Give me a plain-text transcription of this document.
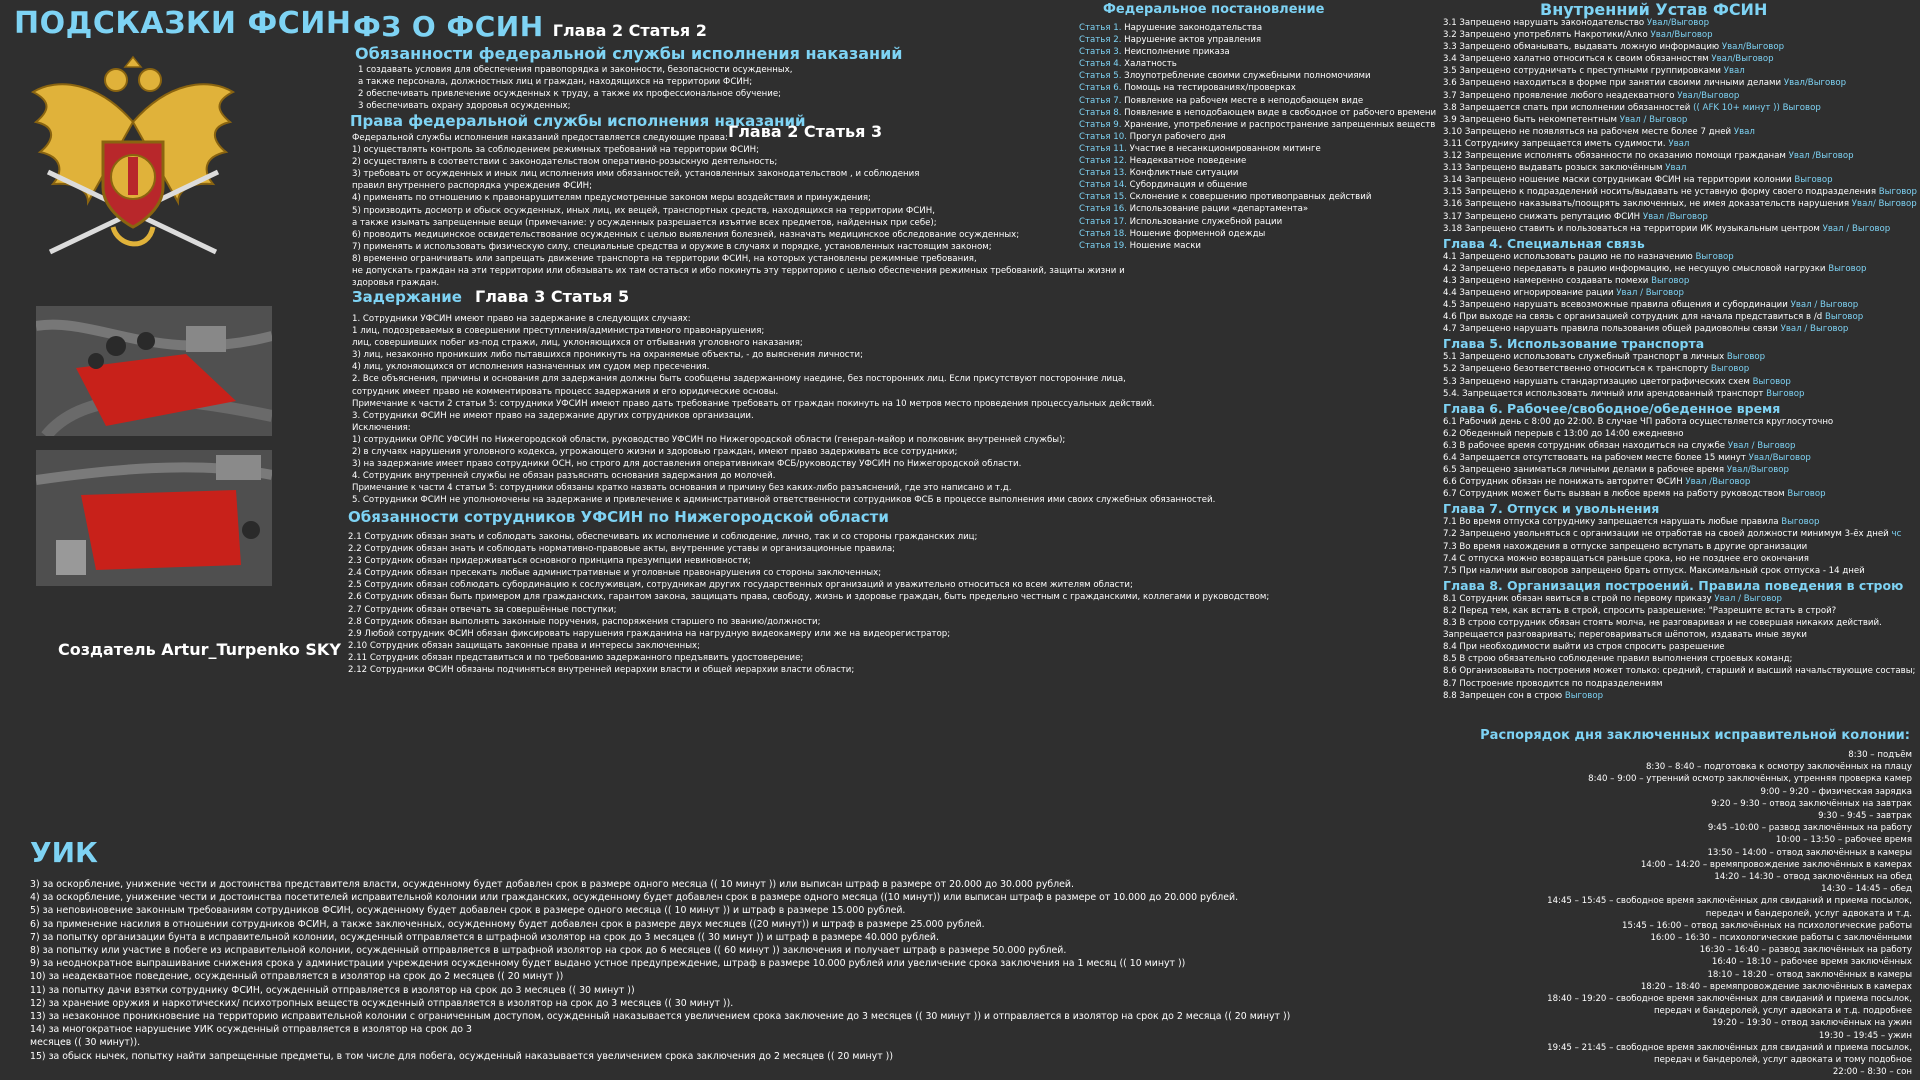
ПОДСКАЗКИ ФСИН
Создатель Artur_Turpenko SKY
ФЗ О ФСИН Глава 2 Статья 2
Обязанности федеральной службы исполнения наказаний
1 создавать условия для обеспечения правопорядка и законности, безопасности осужденных,
а также персонала, должностных лиц и граждан, находящихся на территории ФСИН;
2 обеспечивать привлечение осужденных к труду, а также их профессиональное обучение;
3 обеспечивать охрану здоровья осужденных;
Права федеральной службы исполнения наказаний
Глава 2 Статья 3
Федеральной службы исполнения наказаний предоставляется следующие права:
1) осуществлять контроль за соблюдением режимных требований на территории ФСИН;
2) осуществлять в соответствии с законодательством оперативно-розыскную деятельность;
3) требовать от осужденных и иных лиц исполнения ими обязанностей, установленных законодательством , и соблюдения
правил внутреннего распорядка учреждения ФСИН;
4) применять по отношению к правонарушителям предусмотренные законом меры воздействия и принуждения;
5) производить досмотр и обыск осужденных, иных лиц, их вещей, транспортных средств, находящихся на территории ФСИН,
а также изымать запрещенные вещи (примечание: у осужденных разрешается изъятие всех предметов, найденных при себе);
6) проводить медицинское освидетельствование осужденных с целью выявления болезней, назначать медицинское обследование осужденных;
7) применять и использовать физическую силу, специальные средства и оружие в случаях и порядке, установленных настоящим законом;
8) временно ограничивать или запрещать движение транспорта на территории ФСИН, на которых установлены режимные требования,
не допускать граждан на эти территории или обязывать их там остаться и ибо покинуть эту территорию с целью обеспечения режимных требований, защиты жизни и
здоровья граждан.
Задержание Глава 3 Статья 5
1. Сотрудники УФСИН имеют право на задержание в следующих случаях:
1 лиц, подозреваемых в совершении преступления/административного правонарушения;
лиц, совершивших побег из-под стражи, лиц, уклоняющихся от отбывания уголовного наказания;
3) лиц, незаконно проникших либо пытавшихся проникнуть на охраняемые объекты, - до выяснения личности;
4) лиц, уклоняющихся от исполнения назначенных им судом мер пресечения.
2. Все объяснения, причины и основания для задержания должны быть сообщены задержанному наедине, без посторонних лиц. Если присутствуют посторонние лица,
сотрудник имеет право не комментировать процесс задержания и его юридические основы.
Примечание к части 2 статьи 5: сотрудники УФСИН имеют право дать требование требовать от граждан покинуть на 10 метров место проведения процессуальных действий.
3. Сотрудники ФСИН не имеют право на задержание других сотрудников организации.
Исключения:
1) сотрудники ОРЛС УФСИН по Нижегородской области, руководство УФСИН по Нижегородской области (генерал-майор и полковник внутренней службы);
2) в случаях нарушения уголовного кодекса, угрожающего жизни и здоровью граждан, имеют право задерживать все сотрудники;
3) на задержание имеет право сотрудники ОСН, но строго для доставления оперативникам ФСБ/руководству УФСИН по Нижегородской области.
4. Сотрудник внутренней службы не обязан разъяснять основания задержания до молочей.
Примечание к части 4 статьи 5: сотрудники обязаны кратко назвать основания и причину без каких-либо разъяснений, где это написано и т.д.
5. Сотрудники ФСИН не уполномочены на задержание и привлечение к административной ответственности сотрудников ФСБ в процессе выполнения ими своих служебных обязанностей.
Обязанности сотрудников УФСИН по Нижегородской области
2.1 Сотрудник обязан знать и соблюдать законы, обеспечивать их исполнение и соблюдение, лично, так и со стороны гражданских лиц;
2.2 Сотрудник обязан знать и соблюдать нормативно-правовые акты, внутренние уставы и организационные правила;
2.3 Сотрудник обязан придерживаться основного принципа презумпции невиновности;
2.4 Сотрудник обязан пресекать любые административные и уголовные правонарушения со стороны заключенных;
2.5 Сотрудник обязан соблюдать субординацию к сослуживцам, сотрудникам других государственных организаций и уважительно относиться ко всем жителям области;
2.6 Сотрудник обязан быть примером для гражданских, гарантом закона, защищать права, свободу, жизнь и здоровье граждан, быть предельно честным с гражданскими, коллегами и руководством;
2.7 Сотрудник обязан отвечать за совершённые поступки;
2.8 Сотрудник обязан выполнять законные поручения, распоряжения старшего по званию/должности;
2.9 Любой сотрудник ФСИН обязан фиксировать нарушения гражданина на нагрудную видеокамеру или же на видеорегистратор;
2.10 Сотрудник обязан защищать законные права и интересы заключенных;
2.11 Сотрудник обязан представиться и по требованию задержанного предъявить удостоверение;
2.12 Сотрудники ФСИН обязаны подчиняться внутренней иерархии власти и общей иерархии власти области;
Федеральное постановление
Статья 1. Нарушение законодательства
Статья 2. Нарушение актов управления
Статья 3. Неисполнение приказа
Статья 4. Халатность
Статья 5. Злоупотребление своими служебными полномочиями
Статья 6. Помощь на тестированиях/проверках
Статья 7. Появление на рабочем месте в неподобающем виде
Статья 8. Появление в неподобающем виде в свободное от рабочего времени
Статья 9. Хранение, употребление и распространение запрещенных веществ
Статья 10. Прогул рабочего дня
Статья 11. Участие в несанкционированном митинге
Статья 12. Неадекватное поведение
Статья 13. Конфликтные ситуации
Статья 14. Субординация и общение
Статья 15. Склонение к совершению противоправных действий
Статья 16. Использование рации «департамента»
Статья 17. Использование служебной рации
Статья 18. Ношение форменной одежды
Статья 19. Ношение маски
Внутренний Устав ФСИН
3.1 Запрещено нарушать законодательство Увал/Выговор
3.2 Запрещено употреблять Накротики/Алко Увал/Выговор
3.3 Запрещено обманывать, выдавать ложную информацию Увал/Выговор
3.4 Запрещено халатно относиться к своим обязанностям Увал/Выговор
3.5 Запрещено сотрудничать с преступными группировками Увал
3.6 Запрещено находиться в форме при занятии своими личными делами Увал/Выговор
3.7 Запрещено проявление любого неадекватного Увал/Выговор
3.8 Запрещается спать при исполнении обязанностей (( AFK 10+ минут )) Выговор
3.9 Запрещено быть некомпетентным Увал / Выговор
3.10 Запрещено не появляться на рабочем месте более 7 дней Увал
3.11 Сотруднику запрещается иметь судимости. Увал
3.12 Запрещение исполнять обязанности по оказанию помощи гражданам Увал /Выговор
3.13 Запрещено выдавать розыск заключённым Увал
3.14 Запрещено ношение маски сотрудникам ФСИН на территории колонии Выговор
3.15 Запрещено к подразделений носить/выдавать не уставную форму своего подразделения Выговор
3.16 Запрещено наказывать/поощрять заключенных, не имея доказательств нарушения Увал/ Выговор
3.17 Запрещено снижать репутацию ФСИН Увал /Выговор
3.18 Запрещено ставить и пользоваться на территории ИК музыкальным центром Увал / Выговор
Глава 4. Специальная связь
4.1 Запрещено использовать рацию не по назначению Выговор
4.2 Запрещено передавать в рацию информацию, не несущую смысловой нагрузки Выговор
4.3 Запрещено намеренно создавать помехи Выговор
4.4 Запрещено игнорирование рации Увал / Выговор
4.5 Запрещено нарушать всевозможные правила общения и субординации Увал / Выговор
4.6 При выходе на связь с организацией сотрудник для начала представиться в /d Выговор
4.7 Запрещено нарушать правила пользования общей радиоволны связи Увал / Выговор
Глава 5. Использование транспорта
5.1 Запрещено использовать служебный транспорт в личных Выговор
5.2 Запрещено безответственно относиться к транспорту Выговор
5.3 Запрещено нарушать стандартизацию цветографических схем Выговор
5.4. Запрещается использовать личный или арендованный транспорт Выговор
Глава 6. Рабочее/свободное/обеденное время
6.1 Рабочий день с 8:00 до 22:00. В случае ЧП работа осуществляется круглосуточно
6.2 Обеденный перерыв с 13:00 до 14:00 ежедневно
6.3 В рабочее время сотрудник обязан находиться на службе Увал / Выговор
6.4 Запрещается отсутствовать на рабочем месте более 15 минут Увал/Выговор
6.5 Запрещено заниматься личными делами в рабочее время Увал/Выговор
6.6 Сотрудник обязан не понижать авторитет ФСИН Увал /Выговор
6.7 Сотрудник может быть вызван в любое время на работу руководством Выговор
Глава 7. Отпуск и увольнения
7.1 Во время отпуска сотруднику запрещается нарушать любые правила Выговор
7.2 Запрещено увольняться с организации не отработав на своей должности минимум 3-ёх дней чс
7.3 Во время нахождения в отпуске запрещено вступать в другие организации
7.4 С отпуска можно возвращаться раньше срока, но не позднее его окончания
7.5 При наличии выговоров запрещено брать отпуск. Максимальный срок отпуска - 14 дней
Глава 8. Организация построений. Правила поведения в строю
8.1 Сотрудник обязан явиться в строй по первому приказу Увал / Выговор
8.2 Перед тем, как встать в строй, спросить разрешение: "Разрешите встать в строй?
8.3 В строю сотрудник обязан стоять молча, не разговаривая и не совершая никаких действий.
Запрещается разговаривать; переговариваться шёпотом, издавать иные звуки
8.4 При необходимости выйти из строя спросить разрешение
8.5 В строю обязательно соблюдение правил выполнения строевых команд;
8.6 Организовывать построения может только: средний, старший и высший начальствующие составы;
8.7 Построение проводится по подразделениям
8.8 Запрещен сон в строю Выговор
Распорядок дня заключенных исправительной колонии:
8:30 – подъём
8:30 – 8:40 – подготовка к осмотру заключённых на плацу
8:40 – 9:00 – утренний осмотр заключённых, утренняя проверка камер
9:00 – 9:20 – физическая зарядка
9:20 – 9:30 – отвод заключённых на завтрак
9:30 – 9:45 – завтрак
9:45 –10:00 – развод заключённых на работу
10:00 – 13:50 – рабочее время
13:50 – 14:00 – отвод заключённых в камеры
14:00 – 14:20 – времяпровождение заключённых в камерах
14:20 – 14:30 – отвод заключённых на обед
14:30 – 14:45 – обед
14:45 – 15:45 – свободное время заключённых для свиданий и приема посылок,
передач и бандеролей, услуг адвоката и т.д.
15:45 – 16:00 – отвод заключённых на психологические работы
16:00 – 16:30 – психологические работы с заключёнными
16:30 – 16:40 – развод заключённых на работу
16:40 – 18:10 – рабочее время заключённых
18:10 – 18:20 – отвод заключённых в камеры
18:20 – 18:40 – времяпровождение заключённых в камерах
18:40 – 19:20 – свободное время заключённых для свиданий и приема посылок,
передач и бандеролей, услуг адвоката и т.д. подробнее
19:20 – 19:30 – отвод заключённых на ужин
19:30 – 19:45 – ужин
19:45 – 21:45 – свободное время заключённых для свиданий и приема посылок,
передач и бандеролей, услуг адвоката и тому подобное
22:00 – 8:30 – сон
УИК
3) за оскорбление, унижение чести и достоинства представителя власти, осужденному будет добавлен срок в размере одного месяца (( 10 минут )) или выписан штраф в размере от 20.000 до 30.000 рублей.
4) за оскорбление, унижение чести и достоинства посетителей исправительной колонии или гражданских, осужденному будет добавлен срок в размере одного месяца ((10 минут)) или выписан штраф в размере от 10.000 до 20.000 рублей.
5) за неповиновение законным требованиям сотрудников ФСИН, осужденному будет добавлен срок в размере одного месяца (( 10 минут )) и штраф в размере 15.000 рублей.
6) за применение насилия в отношении сотрудников ФСИН, а также заключенных, осужденному будет добавлен срок в размере двух месяцев ((20 минут)) и штраф в размере 25.000 рублей.
7) за попытку организации бунта в исправительной колонии, осужденный отправляется в штрафной изолятор на срок до 3 месяцев (( 30 минут )) и штраф в размере 40.000 рублей.
8) за попытку или участие в побеге из исправительной колонии, осужденный отправляется в штрафной изолятор на срок до 6 месяцев (( 60 минут )) заключения и получает штраф в размере 50.000 рублей.
9) за неоднократное выпрашивание снижения срока у администрации учреждения осужденному будет выдано устное предупреждение, штраф в размере 10.000 рублей или увеличение срока заключения на 1 месяц (( 10 минут ))
10) за неадекватное поведение, осужденный отправляется в изолятор на срок до 2 месяцев (( 20 минут ))
11) за попытку дачи взятки сотруднику ФСИН, осужденный отправляется в изолятор на срок до 3 месяцев (( 30 минут ))
12) за хранение оружия и наркотических/ психотропных веществ осужденный отправляется в изолятор на срок до 3 месяцев (( 30 минут )).
13) за незаконное проникновение на территорию исправительной колонии с ограниченным доступом, осужденный наказывается увеличением срока заключение до 3 месяцев (( 30 минут )) и отправляется в изолятор на срок до 2 месяца (( 20 минут ))
14) за многократное нарушение УИК осужденный отправляется в изолятор на срок до 3
месяцев (( 30 минут)).
15) за обыск нычек, попытку найти запрещенные предметы, в том числе для побега, осужденный наказывается увеличением срока заключения до 2 месяцев (( 20 минут ))
